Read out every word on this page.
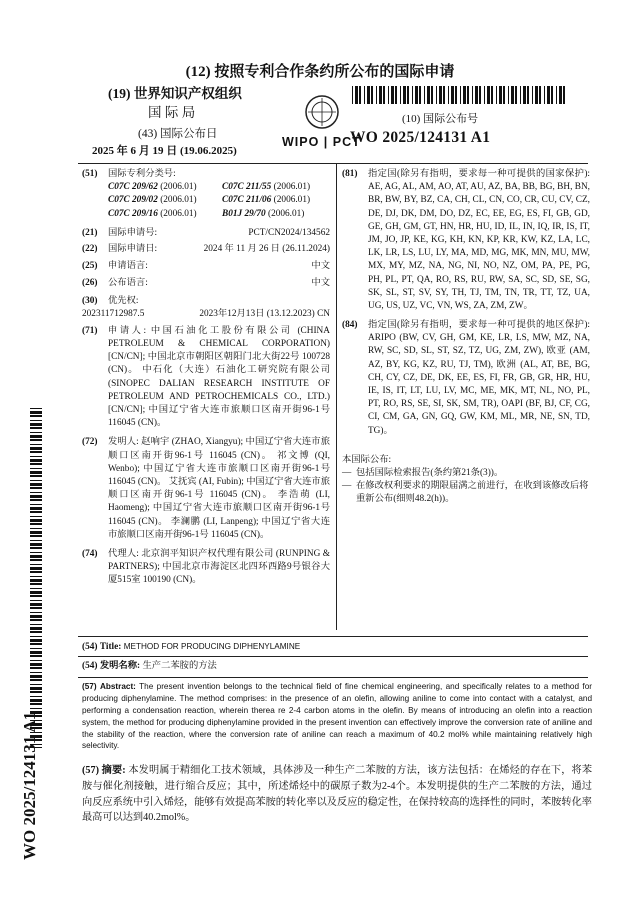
(12) 按照专利合作条约所公布的国际申请
(19) 世界知识产权组织
国 际 局
WIPO | PCT
(10) 国际公布号
WO 2025/124131 A1
(43) 国际公布日
2025 年 6 月 19 日 (19.06.2025)
(51) 国际专利分类号:
C07C 209/62 (2006.01)	C07C 211/55 (2006.01)
C07C 209/02 (2006.01)	C07C 211/06 (2006.01)
C07C 209/16 (2006.01)	B01J 29/70 (2006.01)
(21) 国际申请号:	PCT/CN2024/134562
(22) 国际申请日:	2024 年 11 月 26 日 (26.11.2024)
(25) 申请语言:	中文
(26) 公布语言:	中文
(30) 优先权:
202311712987.5	2023年12月13日 (13.12.2023) CN
(71) 申请人: 中国石油化工股份有限公司 (CHINA PETROLEUM & CHEMICAL CORPORATION) [CN/CN]; 中国北京市朝阳区朝阳门北大街22号 100728 (CN)。 中石化（大连）石油化工研究院有限公司 (SINOPEC DALIAN RESEARCH INSTITUTE OF PETROLEUM AND PETROCHEMICALS CO., LTD.) [CN/CN]; 中国辽宁省大连市旅顺口区南开街96-1号 116045 (CN)。
(72) 发明人: 赵响宇 (ZHAO, Xiangyu); 中国辽宁省大连市旅顺口区南开街96-1号 116045 (CN)。 祁文博 (QI, Wenbo); 中国辽宁省大连市旅顺口区南开街96-1号 116045 (CN)。 艾抚宾 (AI, Fubin); 中国辽宁省大连市旅顺口区南开街96-1号 116045 (CN)。 李浩萌 (LI, Haomeng); 中国辽宁省大连市旅顺口区南开街96-1号 116045 (CN)。 李澜鹏 (LI, Lanpeng); 中国辽宁省大连市旅顺口区南开街96-1号 116045 (CN)。
(74) 代理人: 北京润平知识产权代理有限公司 (RUNPING & PARTNERS); 中国北京市海淀区北四环西路9号银谷大厦515室 100190 (CN)。
(81) 指定国(除另有指明，要求每一种可提供的国家保护): AE, AG, AL, AM, AO, AT, AU, AZ, BA, BB, BG, BH, BN, BR, BW, BY, BZ, CA, CH, CL, CN, CO, CR, CU, CV, CZ, DE, DJ, DK, DM, DO, DZ, EC, EE, EG, ES, FI, GB, GD, GE, GH, GM, GT, HN, HR, HU, ID, IL, IN, IQ, IR, IS, IT, JM, JO, JP, KE, KG, KH, KN, KP, KR, KW, KZ, LA, LC, LK, LR, LS, LU, LY, MA, MD, MG, MK, MN, MU, MW, MX, MY, MZ, NA, NG, NI, NO, NZ, OM, PA, PE, PG, PH, PL, PT, QA, RO, RS, RU, RW, SA, SC, SD, SE, SG, SK, SL, ST, SV, SY, TH, TJ, TM, TN, TR, TT, TZ, UA, UG, US, UZ, VC, VN, WS, ZA, ZM, ZW。
(84) 指定国(除另有指明，要求每一种可提供的地区保护): ARIPO (BW, CV, GH, GM, KE, LR, LS, MW, MZ, NA, RW, SC, SD, SL, ST, SZ, TZ, UG, ZM, ZW), 欧亚 (AM, AZ, BY, KG, KZ, RU, TJ, TM), 欧洲 (AL, AT, BE, BG, CH, CY, CZ, DE, DK, EE, ES, FI, FR, GB, GR, HR, HU, IE, IS, IT, LT, LU, LV, MC, ME, MK, MT, NL, NO, PL, PT, RO, RS, SE, SI, SK, SM, TR), OAPI (BF, BJ, CF, CG, CI, CM, GA, GN, GQ, GW, KM, ML, MR, NE, SN, TD, TG)。
本国际公布:
— 包括国际检索报告(条约第21条(3))。
— 在修改权利要求的期限届满之前进行，在收到该修改后将重新公布(细则48.2(h))。
(54) Title: METHOD FOR PRODUCING DIPHENYLAMINE
(54) 发明名称: 生产二苯胺的方法
(57) Abstract: The present invention belongs to the technical field of fine chemical engineering, and specifically relates to a method for producing diphenylamine. The method comprises: in the presence of an olefin, allowing aniline to come into contact with a catalyst, and performing a condensation reaction, wherein therea re 2-4 carbon atoms in the olefin. By means of introducing an olefin into a reaction system, the method for producing diphenylamine provided in the present invention can effectively improve the conversion rate of aniline and the stability of the reaction, where the conversion rate of aniline can reach a maximum of 40.2 mol% while maintaining relatively high selectivity.
(57) 摘要: 本发明属于精细化工技术领域，具体涉及一种生产二苯胺的方法，该方法包括：在烯烃的存在下，将苯胺与催化剂接触，进行缩合反应；其中，所述烯烃中的碳原子数为2-4个。本发明提供的生产二苯胺的方法，通过向反应系统中引入烯烃，能够有效提高苯胺的转化率以及反应的稳定性，在保持较高的选择性的同时，苯胺转化率最高可以达到40.2mol%。
WO 2025/124131 A1
